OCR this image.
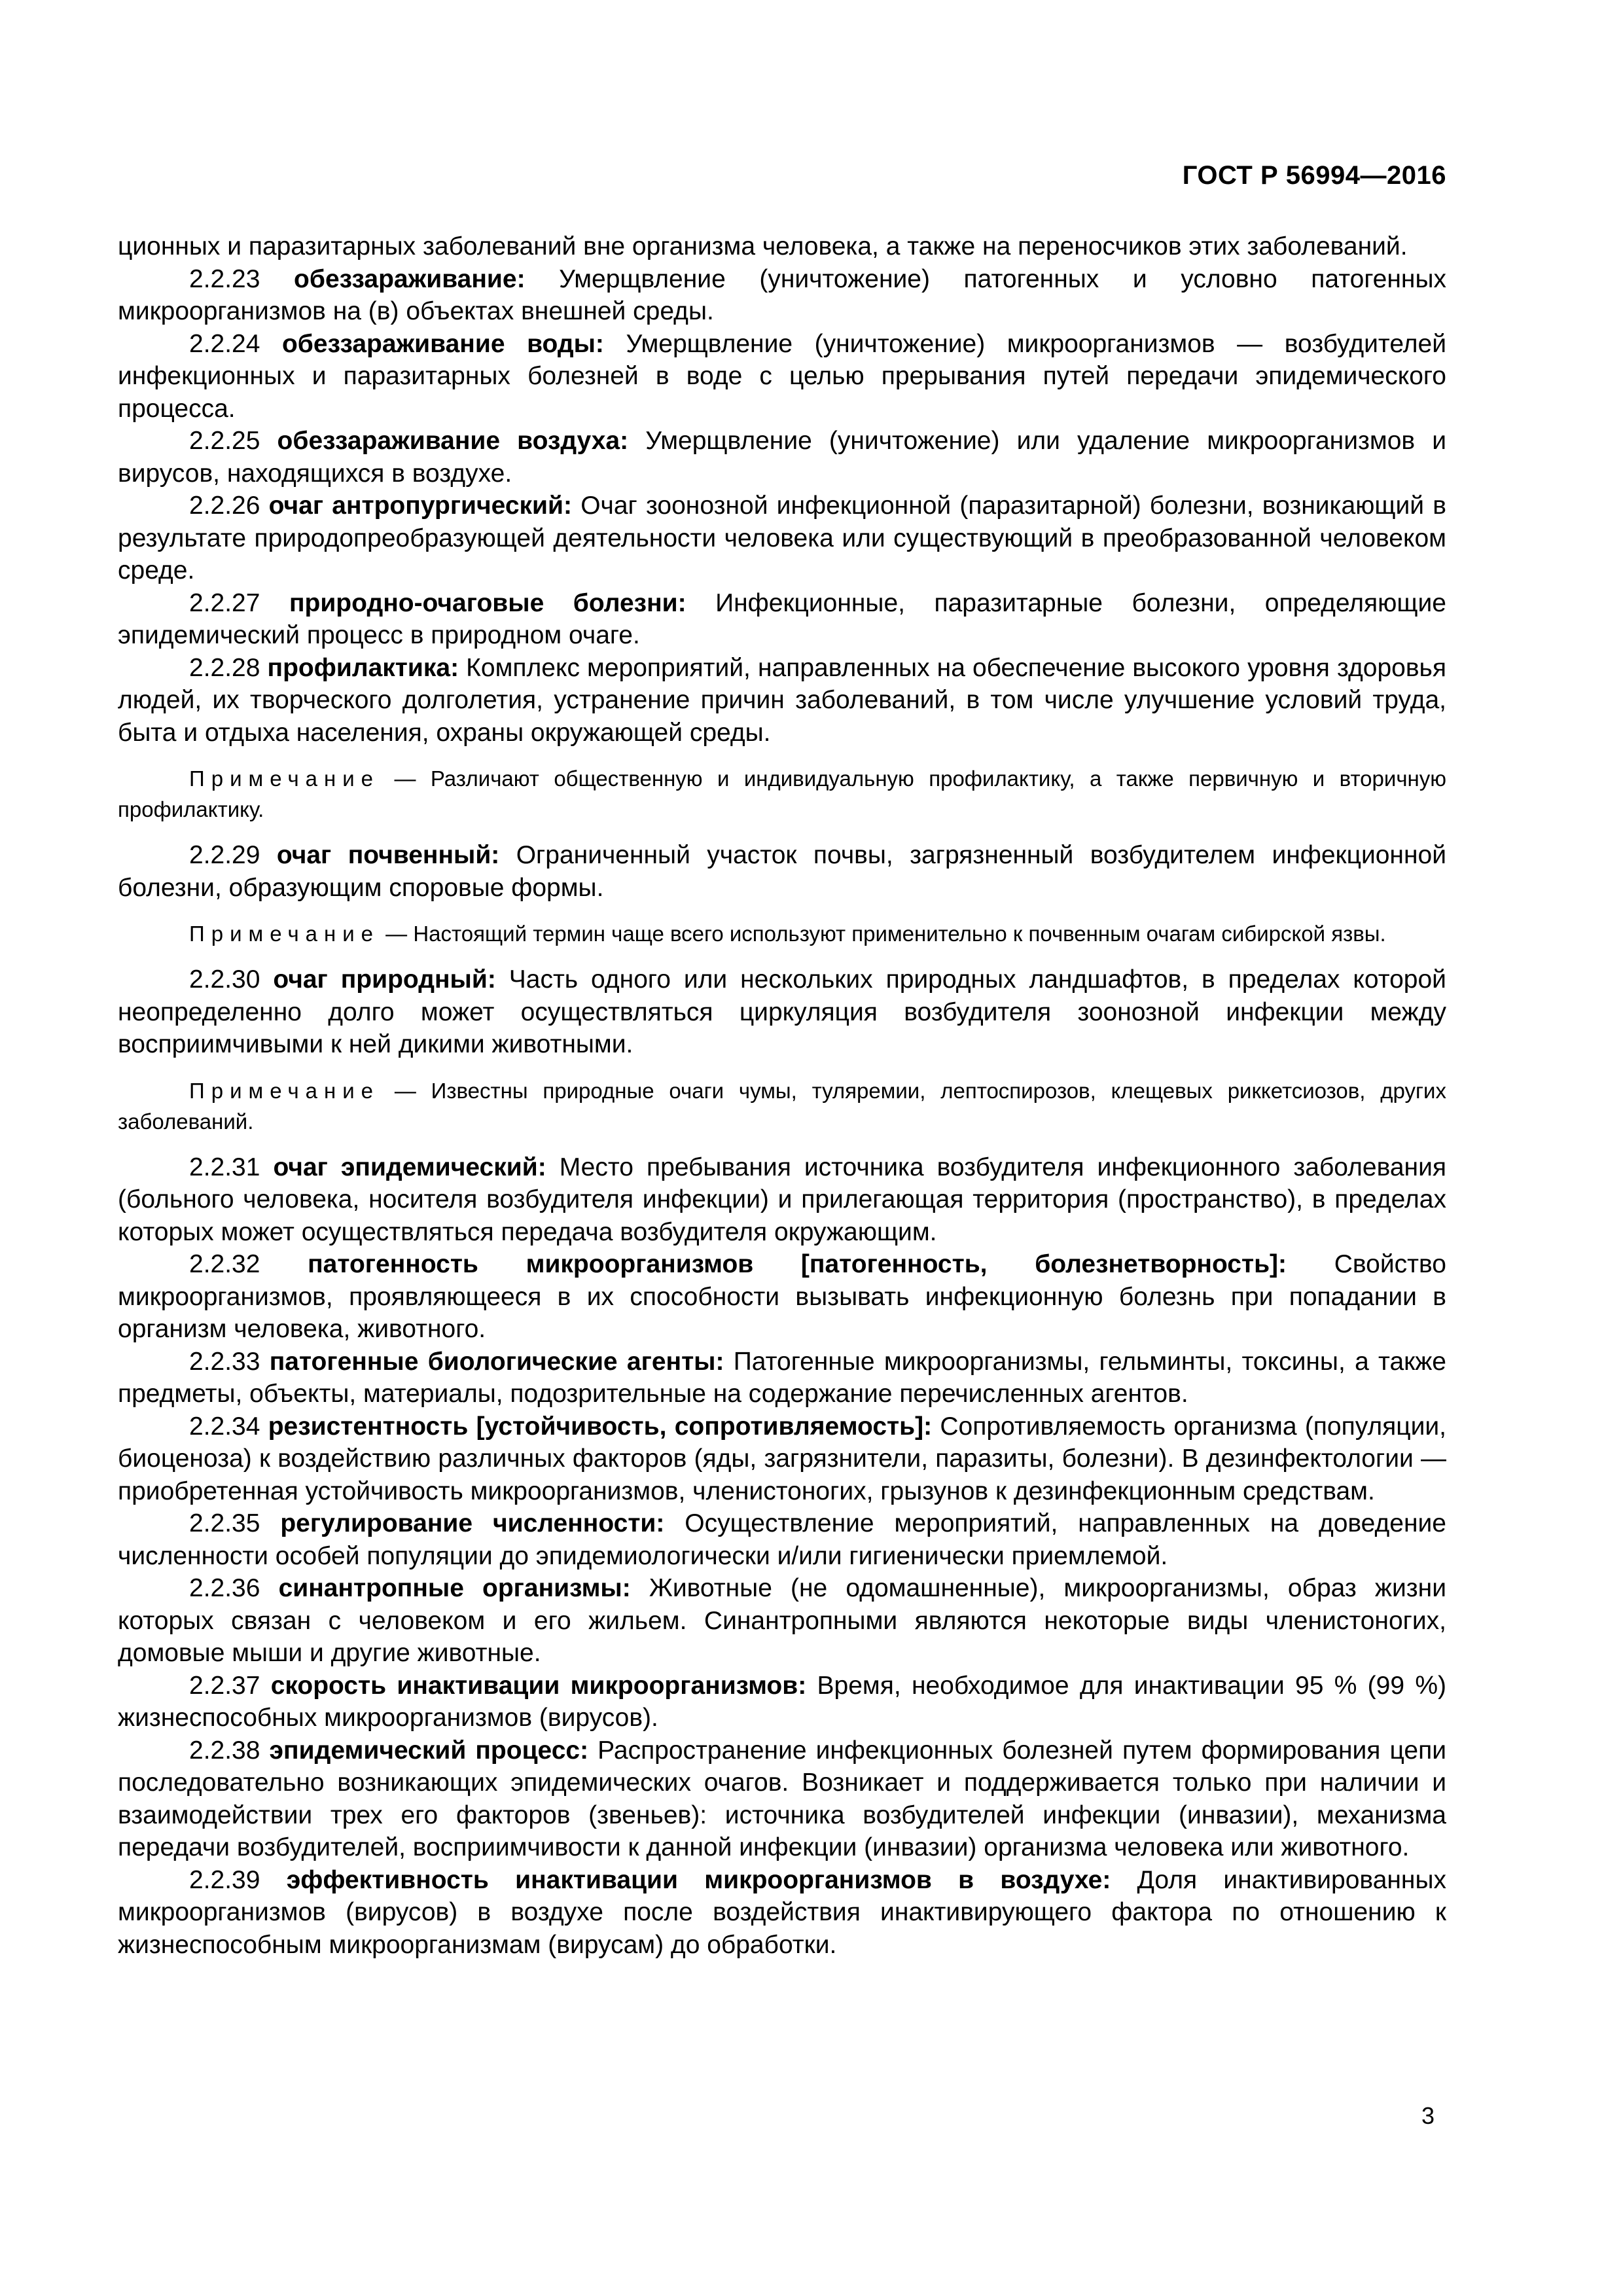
ГОСТ Р 56994—2016

ционных и паразитарных заболеваний вне организма человека, а также на переносчиков этих заболеваний.

2.2.23 обеззараживание: Умерщвление (уничтожение) патогенных и условно патогенных микроорганизмов на (в) объектах внешней среды.

2.2.24 обеззараживание воды: Умерщвление (уничтожение) микроорганизмов — возбудителей инфекционных и паразитарных болезней в воде с целью прерывания путей передачи эпидемического процесса.

2.2.25 обеззараживание воздуха: Умерщвление (уничтожение) или удаление микроорганизмов и вирусов, находящихся в воздухе.

2.2.26 очаг антропургический: Очаг зоонозной инфекционной (паразитарной) болезни, возникающий в результате природопреобразующей деятельности человека или существующий в преобразованной человеком среде.

2.2.27 природно-очаговые болезни: Инфекционные, паразитарные болезни, определяющие эпидемический процесс в природном очаге.

2.2.28 профилактика: Комплекс мероприятий, направленных на обеспечение высокого уровня здоровья людей, их творческого долголетия, устранение причин заболеваний, в том числе улучшение условий труда, быта и отдыха населения, охраны окружающей среды.

Примечание — Различают общественную и индивидуальную профилактику, а также первичную и вторичную профилактику.

2.2.29 очаг почвенный: Ограниченный участок почвы, загрязненный возбудителем инфекционной болезни, образующим споровые формы.

Примечание — Настоящий термин чаще всего используют применительно к почвенным очагам сибирской язвы.

2.2.30 очаг природный: Часть одного или нескольких природных ландшафтов, в пределах которой неопределенно долго может осуществляться циркуляция возбудителя зоонозной инфекции между восприимчивыми к ней дикими животными.

Примечание — Известны природные очаги чумы, туляремии, лептоспирозов, клещевых риккетсиозов, других заболеваний.

2.2.31 очаг эпидемический: Место пребывания источника возбудителя инфекционного заболевания (больного человека, носителя возбудителя инфекции) и прилегающая территория (пространство), в пределах которых может осуществляться передача возбудителя окружающим.

2.2.32 патогенность микроорганизмов [патогенность, болезнетворность]: Свойство микроорганизмов, проявляющееся в их способности вызывать инфекционную болезнь при попадании в организм человека, животного.

2.2.33 патогенные биологические агенты: Патогенные микроорганизмы, гельминты, токсины, а также предметы, объекты, материалы, подозрительные на содержание перечисленных агентов.

2.2.34 резистентность [устойчивость, сопротивляемость]: Сопротивляемость организма (популяции, биоценоза) к воздействию различных факторов (яды, загрязнители, паразиты, болезни). В дезинфектологии — приобретенная устойчивость микроорганизмов, членистоногих, грызунов к дезинфекционным средствам.

2.2.35 регулирование численности: Осуществление мероприятий, направленных на доведение численности особей популяции до эпидемиологически и/или гигиенически приемлемой.

2.2.36 синантропные организмы: Животные (не одомашненные), микроорганизмы, образ жизни которых связан с человеком и его жильем. Синантропными являются некоторые виды членистоногих, домовые мыши и другие животные.

2.2.37 скорость инактивации микроорганизмов: Время, необходимое для инактивации 95 % (99 %) жизнеспособных микроорганизмов (вирусов).

2.2.38 эпидемический процесс: Распространение инфекционных болезней путем формирования цепи последовательно возникающих эпидемических очагов. Возникает и поддерживается только при наличии и взаимодействии трех его факторов (звеньев): источника возбудителей инфекции (инвазии), механизма передачи возбудителей, восприимчивости к данной инфекции (инвазии) организма человека или животного.

2.2.39 эффективность инактивации микроорганизмов в воздухе: Доля инактивированных микроорганизмов (вирусов) в воздухе после воздействия инактивирующего фактора по отношению к жизнеспособным микроорганизмам (вирусам) до обработки.

3
